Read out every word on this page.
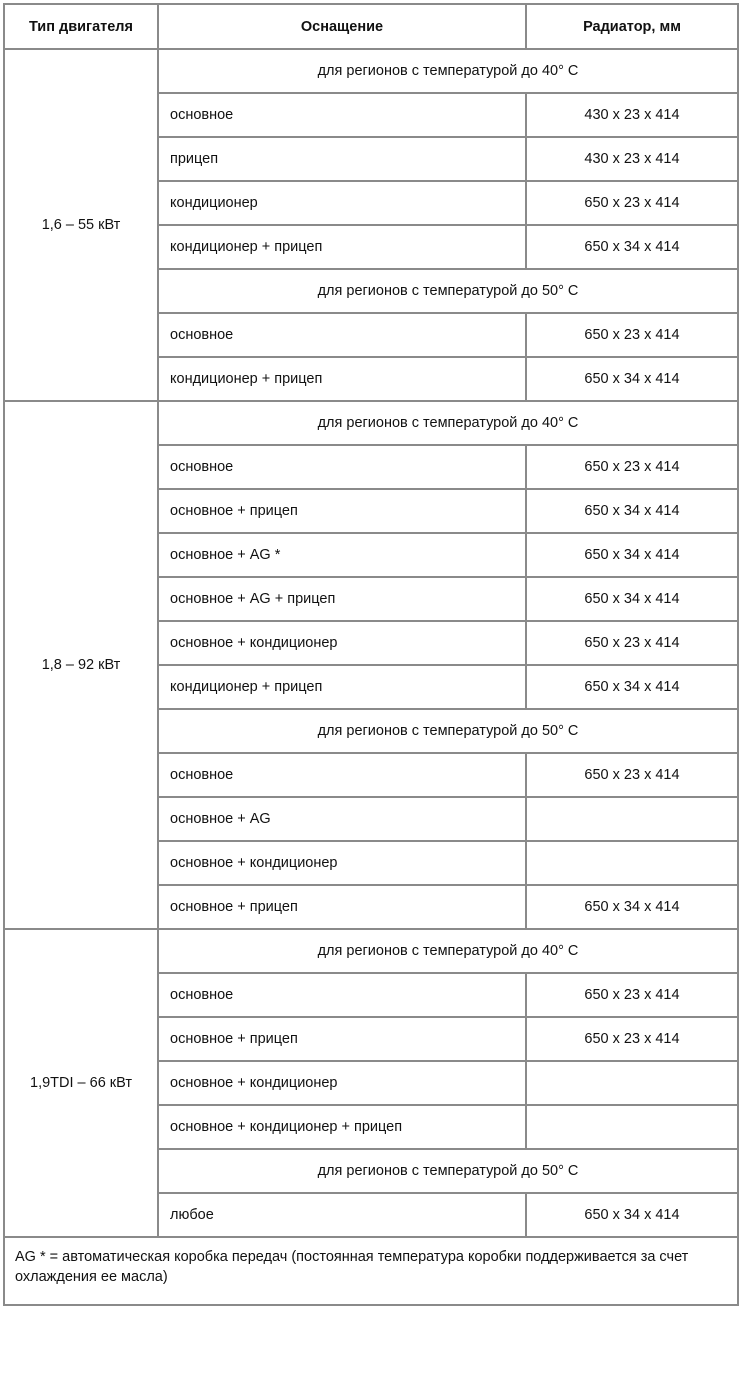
Тип двигателя	Оснащение	Радиатор, мм
1,6 – 55 кВт	для регионов с температурой до 40° С	
	основное	430 x 23 x 414
	прицеп	430 x 23 x 414
	кондиционер	650 x 23 x 414
	кондиционер + прицеп	650 x 34 x 414
	для регионов с температурой до 50° С	
	основное	650 x 23 x 414
	кондиционер + прицеп	650 x 34 x 414
1,8 – 92 кВт	для регионов с температурой до 40° С	
	основное	650 x 23 x 414
	основное + прицеп	650 x 34 x 414
	основное + AG *	650 x 34 x 414
	основное + AG + прицеп	650 x 34 x 414
	основное + кондиционер	650 x 23 x 414
	кондиционер + прицеп	650 x 34 x 414
	для регионов с температурой до 50° С	
	основное	650 x 23 x 414
	основное + AG	
	основное + кондиционер	
	основное + прицеп	650 x 34 x 414
1,9TDI – 66 кВт	для регионов с температурой до 40° С	
	основное	650 x 23 x 414
	основное + прицеп	650 x 23 x 414
	основное + кондиционер	
	основное + кондиционер + прицеп	
	для регионов с температурой до 50° С	
	любое	650 x 34 x 414
AG * = автоматическая коробка передач (постоянная температура коробки поддерживается за счет охлаждения ее масла)		
